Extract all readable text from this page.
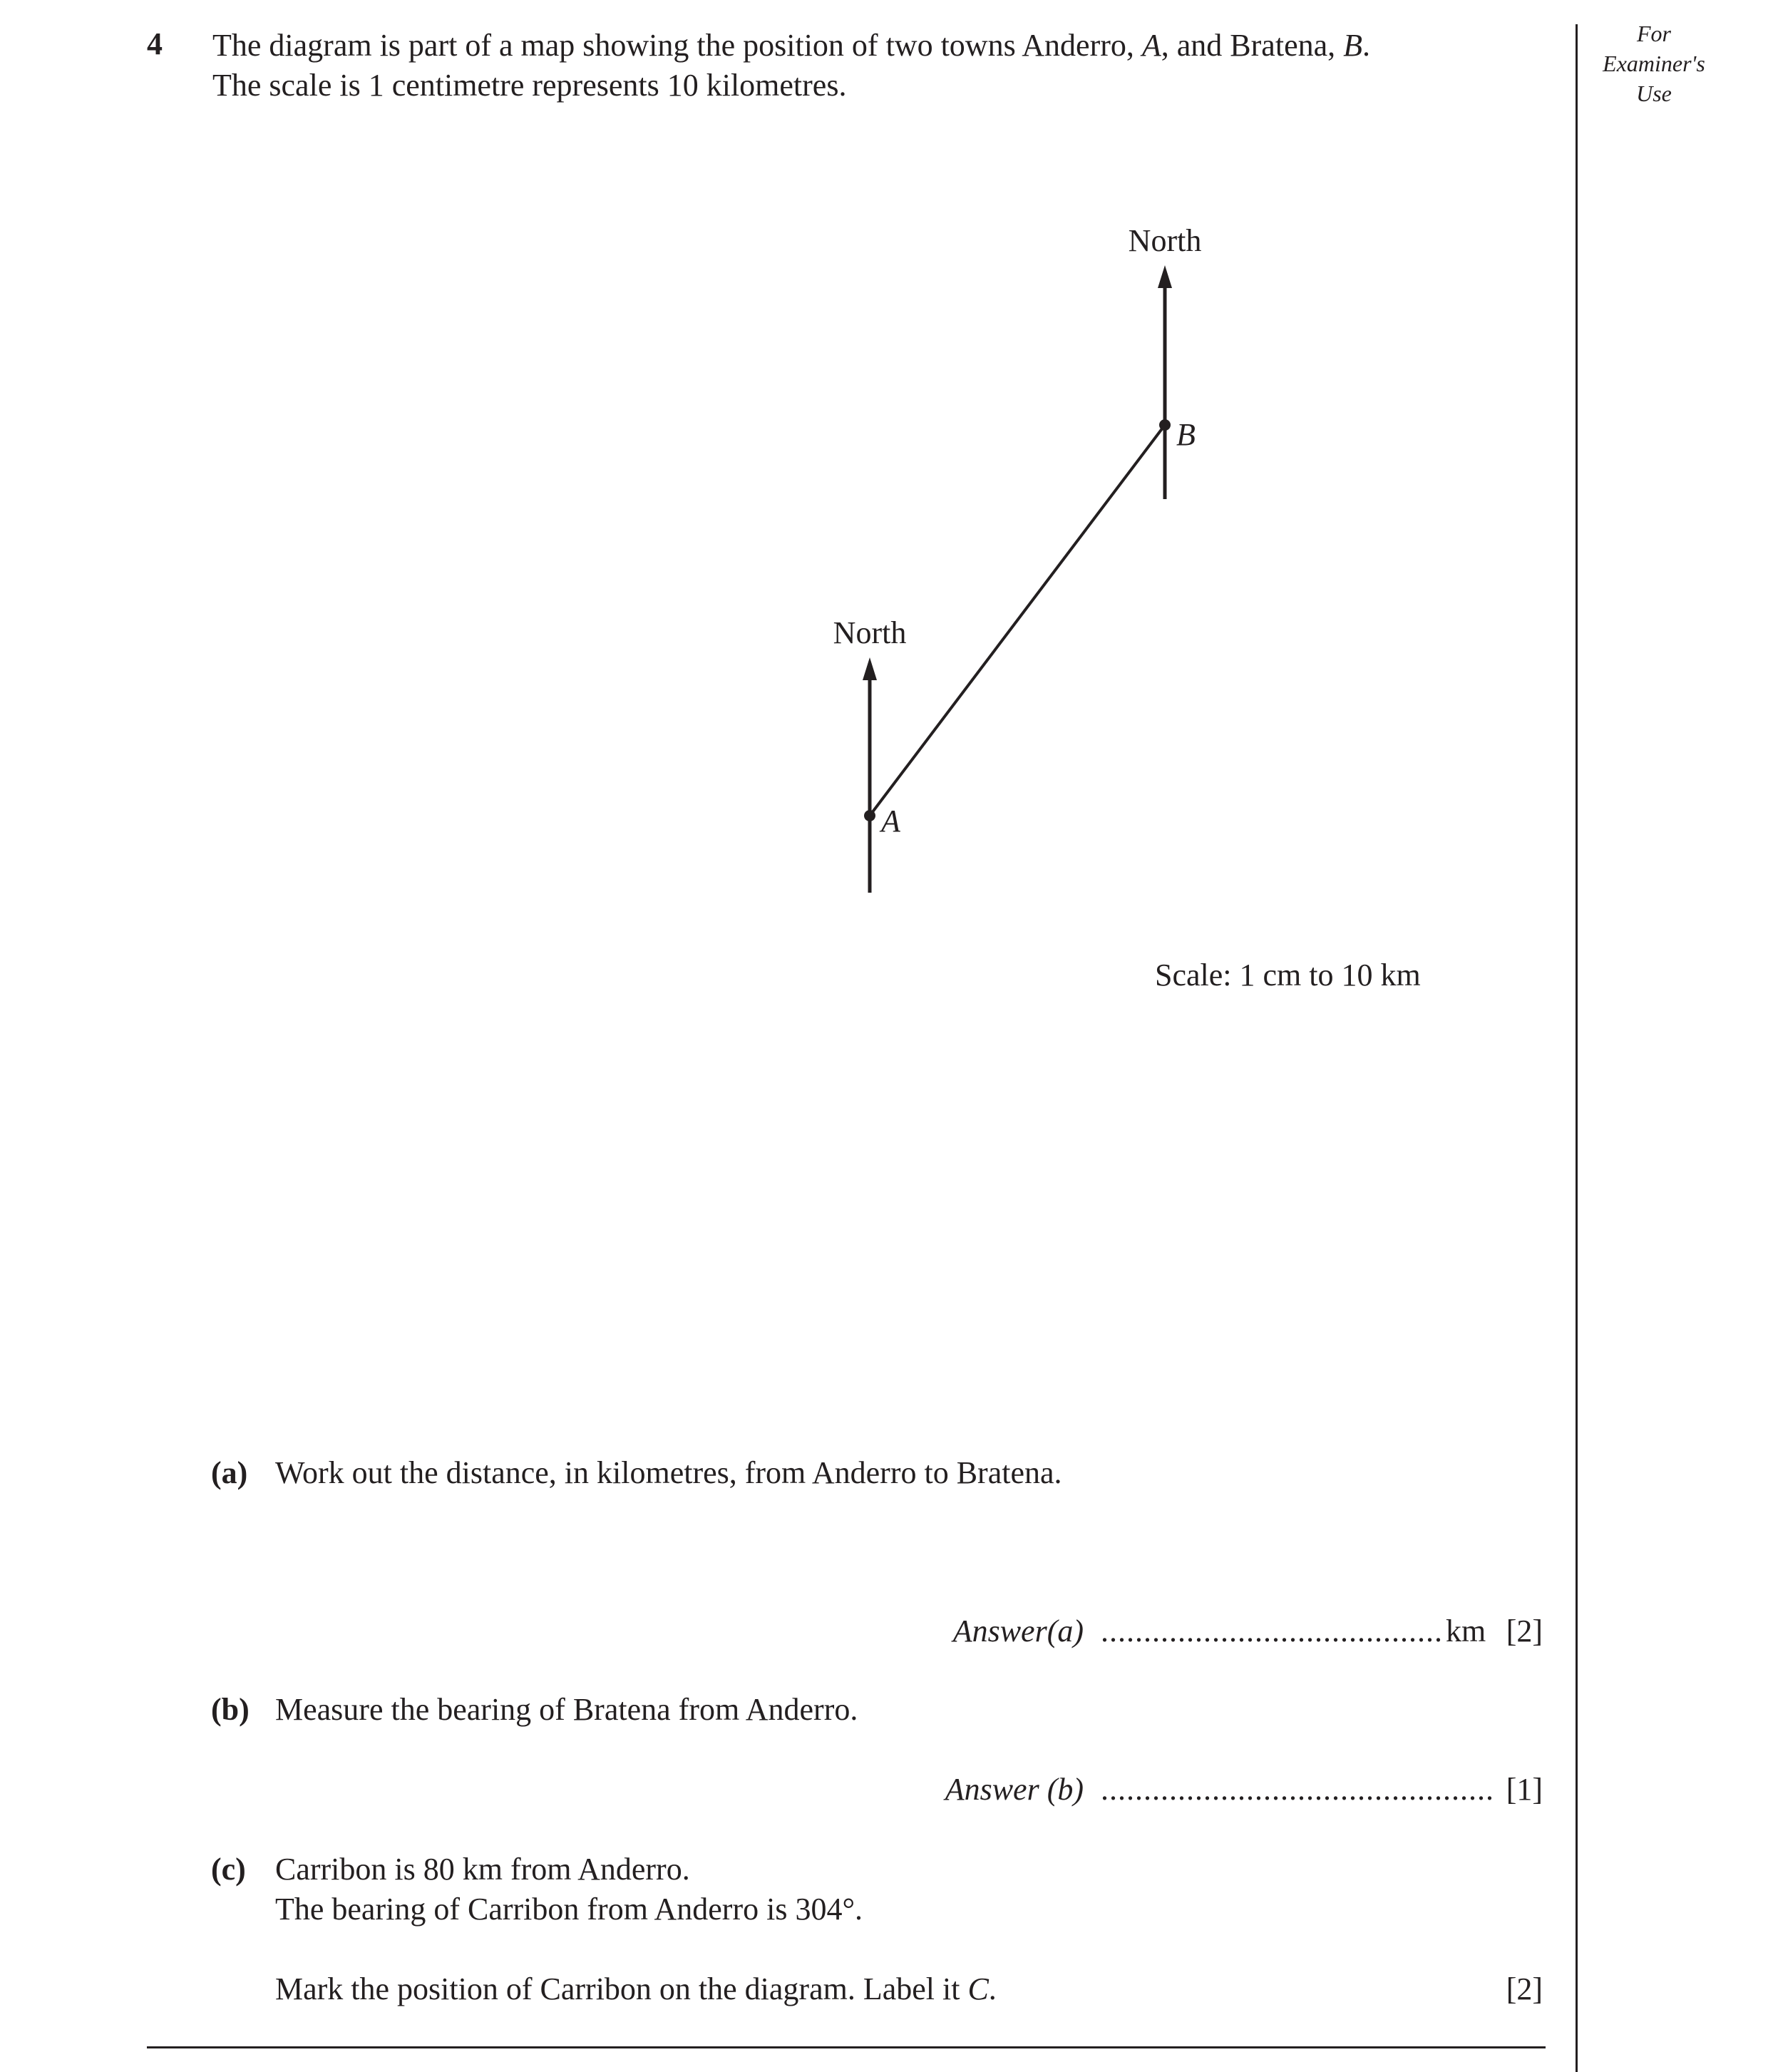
4 The diagram is part of a map showing the position of two towns Anderro, A, and Bratena, B.
The scale is 1 centimetre represents 10 kilometres.
For
Examiner's
Use
North
North
B
A
Scale: 1 cm to 10 km
(a) Work out the distance, in kilometres, from Anderro to Bratena.
Answer(a) ........................................ km [2]
(b) Measure the bearing of Bratena from Anderro.
Answer (b) .............................................. [1]
(c) Carribon is 80 km from Anderro.
The bearing of Carribon from Anderro is 304°.
Mark the position of Carribon on the diagram. Label it C.	[2]
